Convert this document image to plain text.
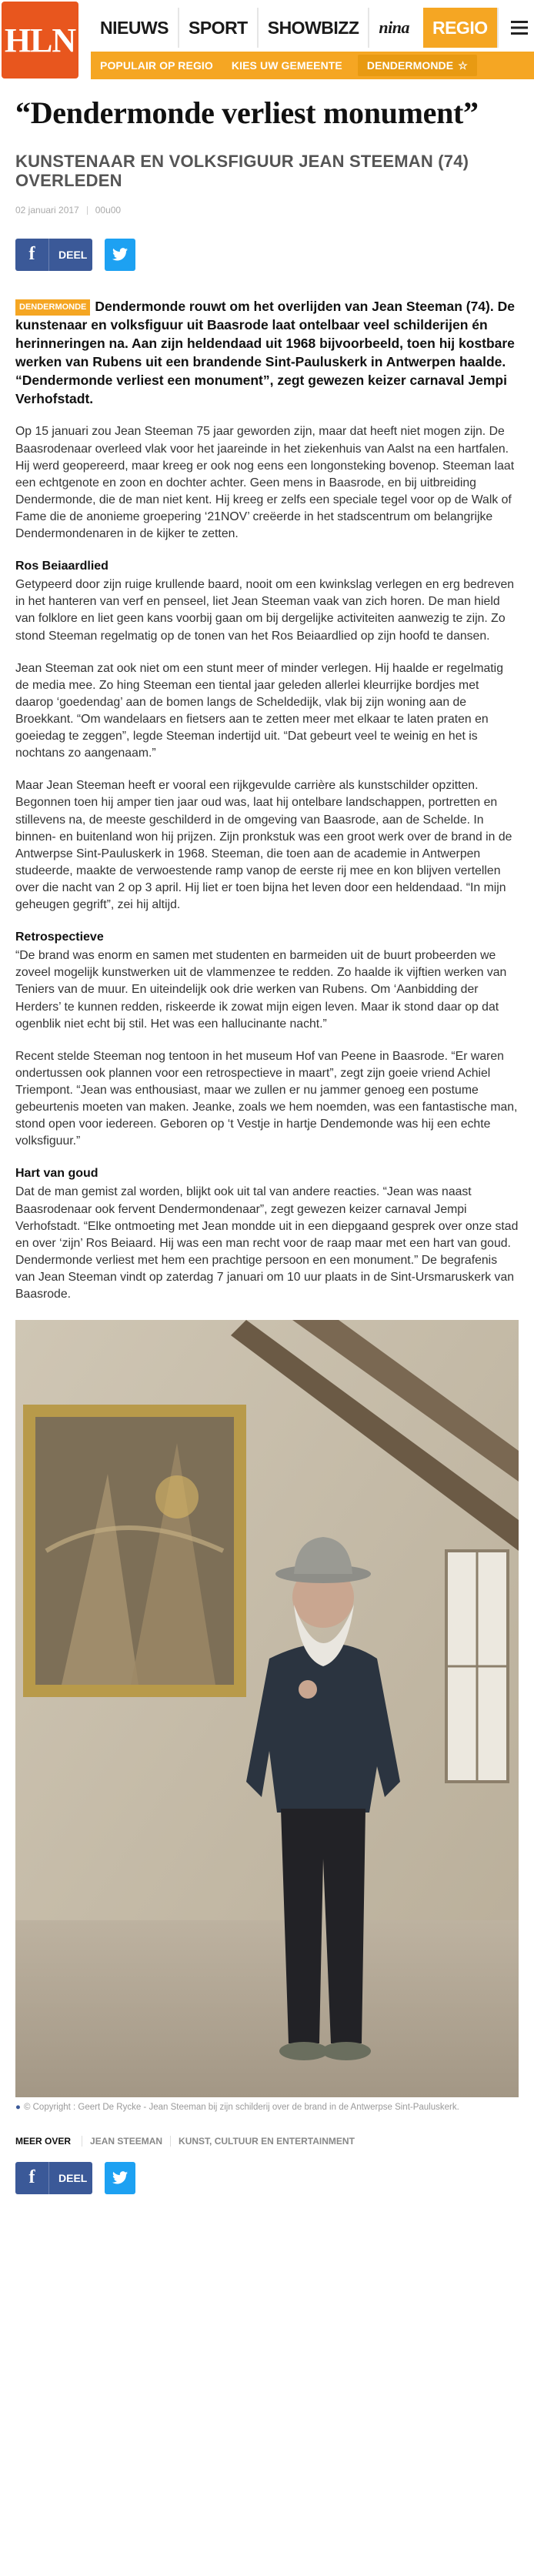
HLN	NIEUWS	SPORT	SHOWBIZZ	nina	REGIO
POPULAIR OP REGIO	KIES UW GEMEENTE	DENDERMONDE ☆
“Dendermonde verliest monument”
KUNSTENAAR EN VOLKSFIGUUR JEAN STEEMAN (74) OVERLEDEN
02 januari 2017 00u00
f	DEEL

DENDERMONDE Dendermonde rouwt om het overlijden van Jean Steeman (74). De kunstenaar en volksfiguur uit Baasrode laat ontelbaar veel schilderijen én herinneringen na. Aan zijn heldendaad uit 1968 bijvoorbeeld, toen hij kostbare werken van Rubens uit een brandende Sint-Pauluskerk in Antwerpen haalde. “Dendermonde verliest een monument”, zegt gewezen keizer carnaval Jempi Verhofstadt.

Op 15 januari zou Jean Steeman 75 jaar geworden zijn, maar dat heeft niet mogen zijn. De Baasrodenaar overleed vlak voor het jaareinde in het ziekenhuis van Aalst na een hartfalen. Hij werd geopereerd, maar kreeg er ook nog eens een longonsteking bovenop. Steeman laat een echtgenote en zoon en dochter achter. Geen mens in Baasrode, en bij uitbreiding Dendermonde, die de man niet kent. Hij kreeg er zelfs een speciale tegel voor op de Walk of Fame die de anonieme groepering ‘21NOV’ creëerde in het stadscentrum om belangrijke Dendermondenaren in de kijker te zetten.

Ros Beiaardlied

Getypeerd door zijn ruige krullende baard, nooit om een kwinkslag verlegen en erg bedreven in het hanteren van verf en penseel, liet Jean Steeman vaak van zich horen. De man hield van folklore en liet geen kans voorbij gaan om bij dergelijke activiteiten aanwezig te zijn. Zo stond Steeman regelmatig op de tonen van het Ros Beiaardlied op zijn hoofd te dansen.

Jean Steeman zat ook niet om een stunt meer of minder verlegen. Hij haalde er regelmatig de media mee. Zo hing Steeman een tiental jaar geleden allerlei kleurrijke bordjes met daarop ‘goedendag’ aan de bomen langs de Scheldedijk, vlak bij zijn woning aan de Broekkant. “Om wandelaars en fietsers aan te zetten meer met elkaar te laten praten en goeiedag te zeggen”, legde Steeman indertijd uit. “Dat gebeurt veel te weinig en het is nochtans zo aangenaam.”

Maar Jean Steeman heeft er vooral een rijkgevulde carrière als kunstschilder opzitten. Begonnen toen hij amper tien jaar oud was, laat hij ontelbare landschappen, portretten en stillevens na, de meeste geschilderd in de omgeving van Baasrode, aan de Schelde. In binnen- en buitenland won hij prijzen. Zijn pronkstuk was een groot werk over de brand in de Antwerpse Sint-Pauluskerk in 1968. Steeman, die toen aan de academie in Antwerpen studeerde, maakte de verwoestende ramp vanop de eerste rij mee en kon blijven vertellen over die nacht van 2 op 3 april. Hij liet er toen bijna het leven door een heldendaad. “In mijn geheugen gegrift”, zei hij altijd.

Retrospectieve

“De brand was enorm en samen met studenten en barmeiden uit de buurt probeerden we zoveel mogelijk kunstwerken uit de vlammenzee te redden. Zo haalde ik vijftien werken van Teniers van de muur. En uiteindelijk ook drie werken van Rubens. Om ‘Aanbidding der Herders’ te kunnen redden, riskeerde ik zowat mijn eigen leven. Maar ik stond daar op dat ogenblik niet echt bij stil. Het was een hallucinante nacht.”

Recent stelde Steeman nog tentoon in het museum Hof van Peene in Baasrode. “Er waren ondertussen ook plannen voor een retrospectieve in maart”, zegt zijn goeie vriend Achiel Triempont. “Jean was enthousiast, maar we zullen er nu jammer genoeg een postume gebeurtenis moeten van maken. Jeanke, zoals we hem noemden, was een fantastische man, stond open voor iedereen. Geboren op ‘t Vestje in hartje Dendemonde was hij een echte volksfiguur.”

Hart van goud

Dat de man gemist zal worden, blijkt ook uit tal van andere reacties. “Jean was naast Baasrodenaar ook fervent Dendermondenaar”, zegt gewezen keizer carnaval Jempi Verhofstadt. “Elke ontmoeting met Jean mondde uit in een diepgaand gesprek over onze stad en over ‘zijn’ Ros Beiaard. Hij was een man recht voor de raap maar met een hart van goud. Dendermonde verliest met hem een prachtige persoon en een monument.” De begrafenis van Jean Steeman vindt op zaterdag 7 januari om 10 uur plaats in de Sint-Ursmaruskerk van Baasrode.

● © Copyright : Geert De Rycke - Jean Steeman bij zijn schilderij over de brand in de Antwerpse Sint-Pauluskerk.
MEER OVER	JEAN STEEMAN	KUNST, CULTUUR EN ENTERTAINMENT
f	DEEL
